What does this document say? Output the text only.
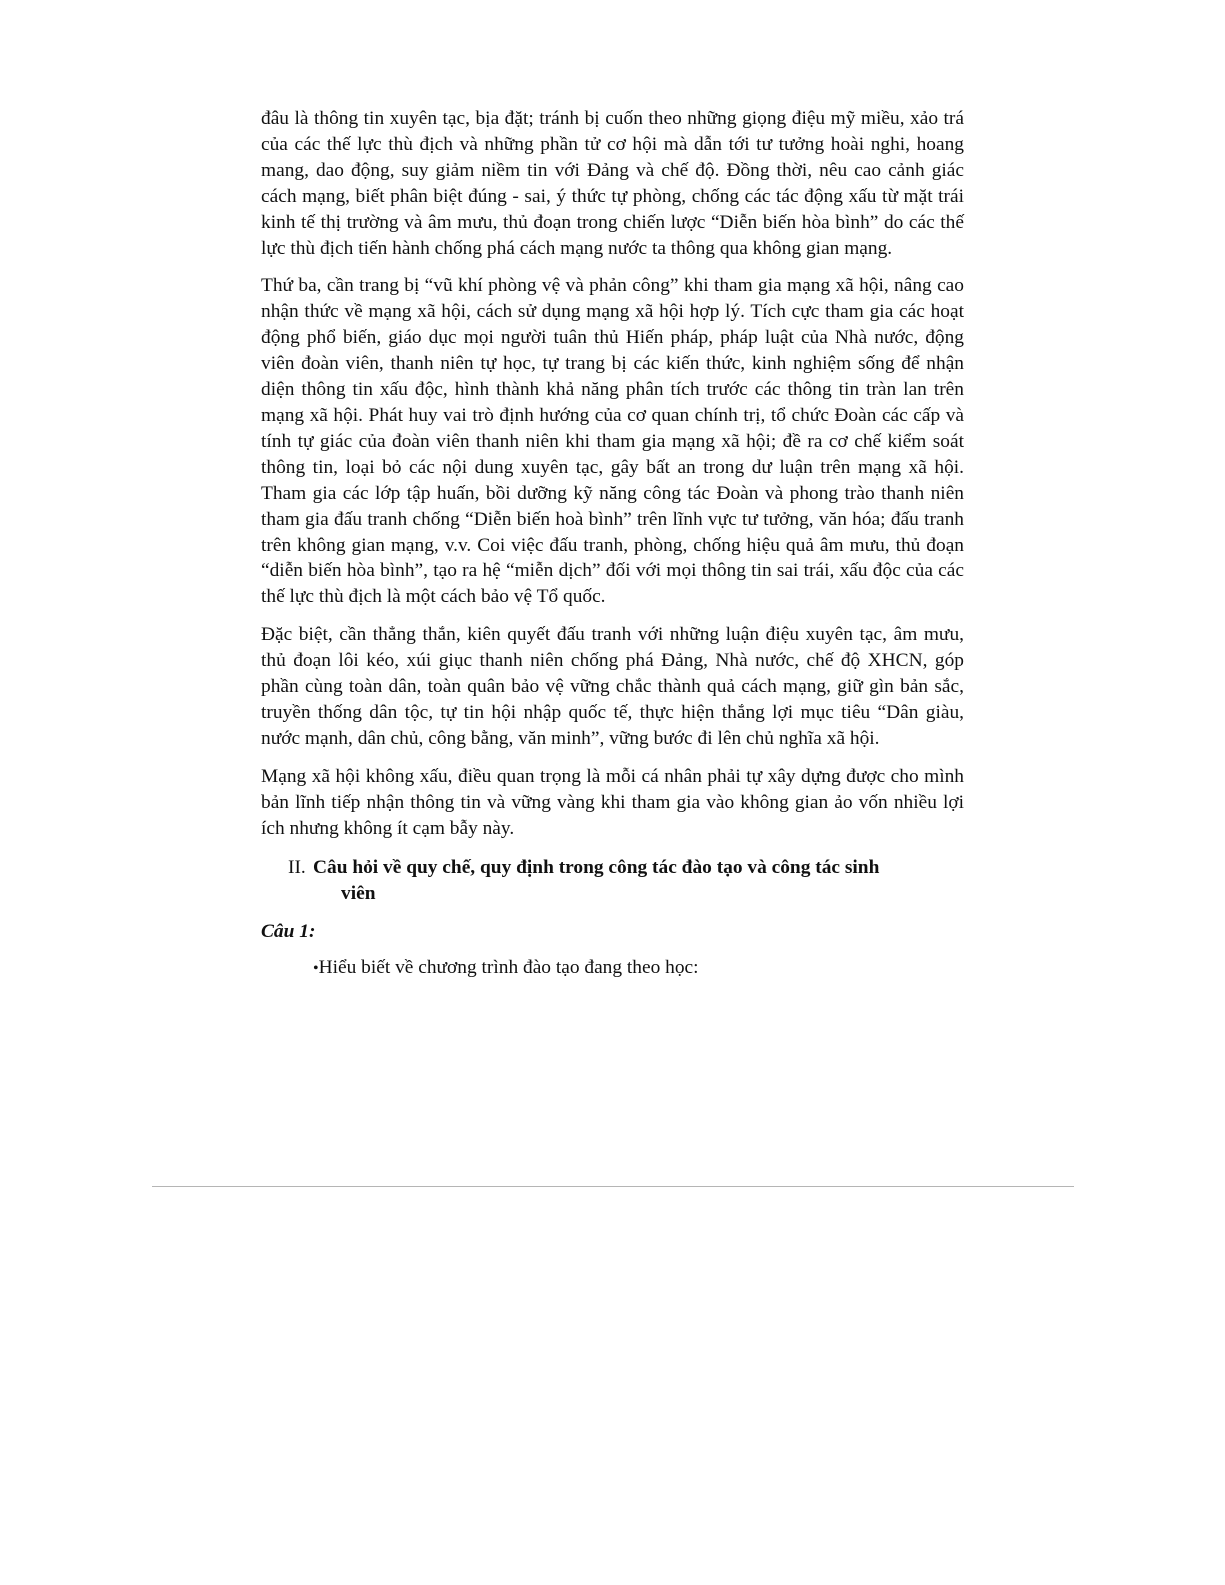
đâu là thông tin xuyên tạc, bịa đặt; tránh bị cuốn theo những giọng điệu mỹ miều, xảo trá của các thế lực thù địch và những phần tử cơ hội mà dẫn tới tư tưởng hoài nghi, hoang mang, dao động, suy giảm niềm tin với Đảng và chế độ. Đồng thời, nêu cao cảnh giác cách mạng, biết phân biệt đúng - sai, ý thức tự phòng, chống các tác động xấu từ mặt trái kinh tế thị trường và âm mưu, thủ đoạn trong chiến lược “Diễn biến hòa bình” do các thế lực thù địch tiến hành chống phá cách mạng nước ta thông qua không gian mạng.

Thứ ba, cần trang bị “vũ khí phòng vệ và phản công” khi tham gia mạng xã hội, nâng cao nhận thức về mạng xã hội, cách sử dụng mạng xã hội hợp lý. Tích cực tham gia các hoạt động phổ biến, giáo dục mọi người tuân thủ Hiến pháp, pháp luật của Nhà nước, động viên đoàn viên, thanh niên tự học, tự trang bị các kiến thức, kinh nghiệm sống để nhận diện thông tin xấu độc, hình thành khả năng phân tích trước các thông tin tràn lan trên mạng xã hội. Phát huy vai trò định hướng của cơ quan chính trị, tổ chức Đoàn các cấp và tính tự giác của đoàn viên thanh niên khi tham gia mạng xã hội; đề ra cơ chế kiểm soát thông tin, loại bỏ các nội dung xuyên tạc, gây bất an trong dư luận trên mạng xã hội. Tham gia các lớp tập huấn, bồi dưỡng kỹ năng công tác Đoàn và phong trào thanh niên tham gia đấu tranh chống “Diễn biến hoà bình” trên lĩnh vực tư tưởng, văn hóa; đấu tranh trên không gian mạng, v.v. Coi việc đấu tranh, phòng, chống hiệu quả âm mưu, thủ đoạn “diễn biến hòa bình”, tạo ra hệ “miễn dịch” đối với mọi thông tin sai trái, xấu độc của các thế lực thù địch là một cách bảo vệ Tổ quốc.

Đặc biệt, cần thẳng thắn, kiên quyết đấu tranh với những luận điệu xuyên tạc, âm mưu, thủ đoạn lôi kéo, xúi giục thanh niên chống phá Đảng, Nhà nước, chế độ XHCN, góp phần cùng toàn dân, toàn quân bảo vệ vững chắc thành quả cách mạng, giữ gìn bản sắc, truyền thống dân tộc, tự tin hội nhập quốc tế, thực hiện thắng lợi mục tiêu “Dân giàu, nước mạnh, dân chủ, công bằng, văn minh”, vững bước đi lên chủ nghĩa xã hội.

Mạng xã hội không xấu, điều quan trọng là mỗi cá nhân phải tự xây dựng được cho mình bản lĩnh tiếp nhận thông tin và vững vàng khi tham gia vào không gian ảo vốn nhiều lợi ích nhưng không ít cạm bẫy này.

II. Câu hỏi về quy chế, quy định trong công tác đào tạo và công tác sinh
viên
Câu 1:
•Hiểu biết về chương trình đào tạo đang theo học:
